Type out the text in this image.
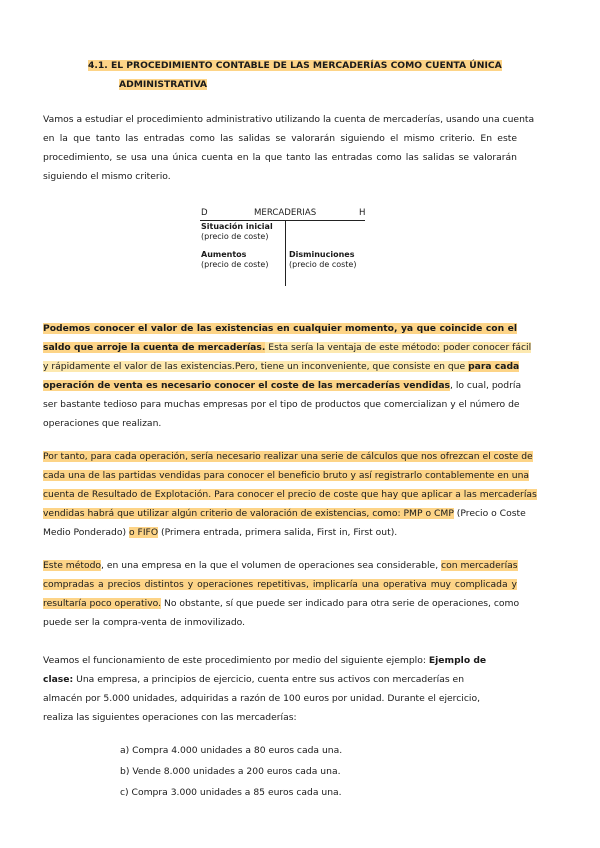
4.1. EL PROCEDIMIENTO CONTABLE DE LAS MERCADERÍAS COMO CUENTA ÚNICA
ADMINISTRATIVA
Vamos a estudiar el procedimiento administrativo utilizando la cuenta de mercaderías, usando una cuenta
en la que tanto las entradas como las salidas se valorarán siguiendo el mismo criterio. En este
procedimiento, se usa una única cuenta en la que tanto las entradas como las salidas se valorarán
siguiendo el mismo criterio.
D	MERCADERIAS	H
Situación inicial
(precio de coste)
Aumentos
(precio de coste)
Disminuciones
(precio de coste)
Podemos conocer el valor de las existencias en cualquier momento, ya que coincide con el
saldo que arroje la cuenta de mercaderías. Esta sería la ventaja de este método: poder conocer fácil
y rápidamente el valor de las existencias.Pero, tiene un inconveniente, que consiste en que para cada
operación de venta es necesario conocer el coste de las mercaderías vendidas, lo cual, podría
ser bastante tedioso para muchas empresas por el tipo de productos que comercializan y el número de
operaciones que realizan.
Por tanto, para cada operación, sería necesario realizar una serie de cálculos que nos ofrezcan el coste de
cada una de las partidas vendidas para conocer el beneficio bruto y así registrarlo contablemente en una
cuenta de Resultado de Explotación. Para conocer el precio de coste que hay que aplicar a las mercaderías
vendidas habrá que utilizar algún criterio de valoración de existencias, como: PMP o CMP (Precio o Coste
Medio Ponderado) o FIFO (Primera entrada, primera salida, First in, First out).
Este método, en una empresa en la que el volumen de operaciones sea considerable, con mercaderías
compradas a precios distintos y operaciones repetitivas, implicaría una operativa muy complicada y
resultaría poco operativo. No obstante, sí que puede ser indicado para otra serie de operaciones, como
puede ser la compra-venta de inmovilizado.
Veamos el funcionamiento de este procedimiento por medio del siguiente ejemplo: Ejemplo de
clase: Una empresa, a principios de ejercicio, cuenta entre sus activos con mercaderías en
almacén por 5.000 unidades, adquiridas a razón de 100 euros por unidad. Durante el ejercicio,
realiza las siguientes operaciones con las mercaderías:
a) Compra 4.000 unidades a 80 euros cada una.
b) Vende 8.000 unidades a 200 euros cada una.
c) Compra 3.000 unidades a 85 euros cada una.
